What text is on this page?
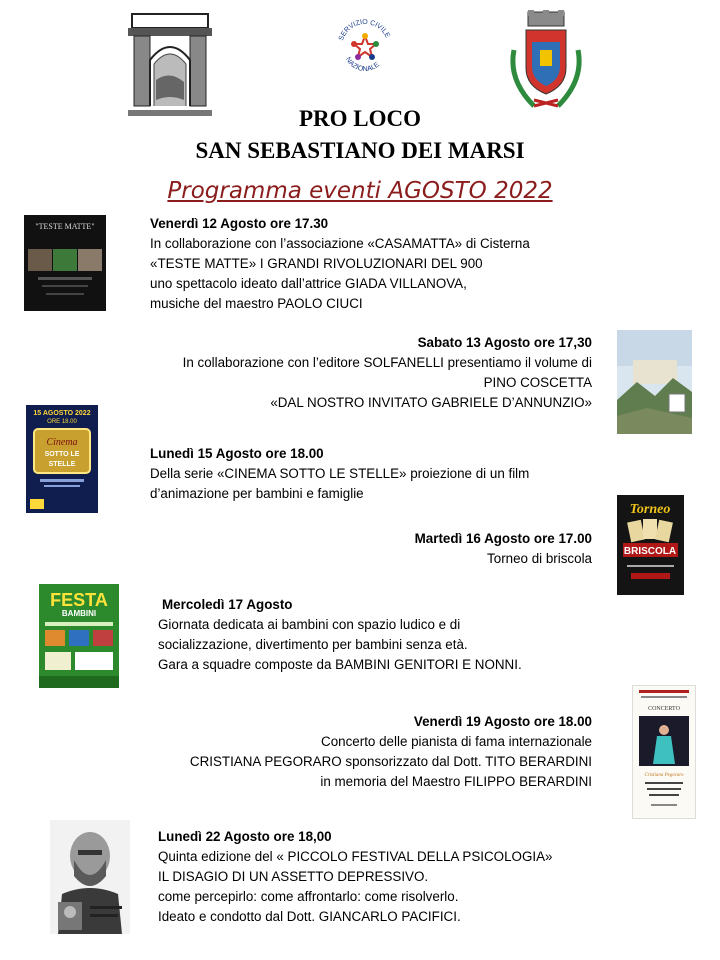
SERVIZIO CIVILE
NAZIONALE
PRO LOCO
SAN SEBASTIANO DEI MARSI
Programma eventi AGOSTO 2022
"TESTE MATTE"	Venerdì 12 Agosto ore 17.30
In collaborazione con l’associazione «CASAMATTA» di Cisterna
«TESTE MATTE» I GRANDI RIVOLUZIONARI DEL 900
uno spettacolo ideato dall’attrice GIADA VILLANOVA,
musiche del maestro PAOLO CIUCI
Sabato 13 Agosto ore 17,30
In collaborazione con l’editore SOLFANELLI presentiamo il volume di
PINO COSCETTA
«DAL NOSTRO INVITATO GABRIELE D’ANNUNZIO»
15 AGOSTO 2022
ORE 18.00
Cinema
SOTTO LE
STELLE
Lunedì 15 Agosto ore 18.00
Della serie «CINEMA SOTTO LE STELLE» proiezione di un film
d’animazione per bambini e famiglie
Martedì 16 Agosto ore 17.00
Torneo di briscola
Torneo
BRISCOLA
FESTA
BAMBINI
Mercoledì 17 Agosto
Giornata dedicata ai bambini con spazio ludico e di
socializzazione, divertimento per bambini senza età.
Gara a squadre composte da BAMBINI GENITORI E NONNI.
Venerdì 19 Agosto ore 18.00
Concerto delle pianista di fama internazionale
CRISTIANA PEGORARO sponsorizzato dal Dott. TITO BERARDINI
in memoria del Maestro FILIPPO BERARDINI
CONCERTO
Cristiana Pegoraro
Lunedì 22 Agosto ore 18,00
Quinta edizione del « PICCOLO FESTIVAL DELLA PSICOLOGIA»
IL DISAGIO DI UN ASSETTO DEPRESSIVO.
come percepirlo: come affrontarlo: come risolverlo.
Ideato e condotto dal Dott. GIANCARLO PACIFICI.
